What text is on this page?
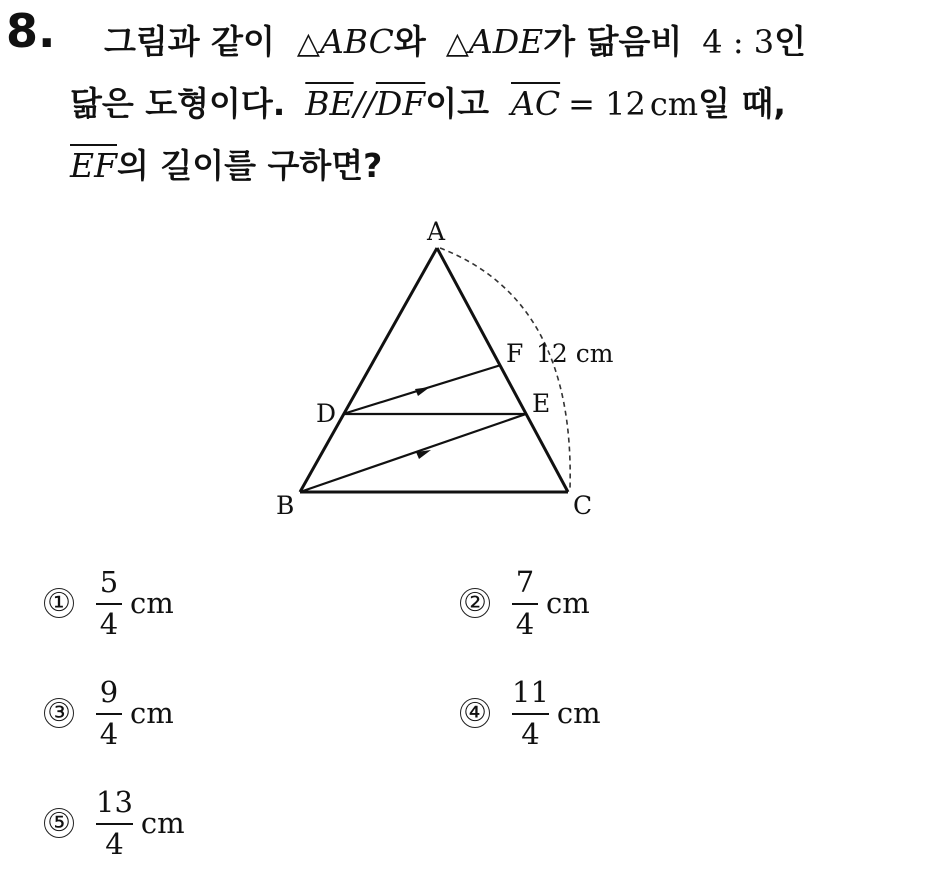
8. 그림과 같이 △ ABC 와 △ ADE 가 닮음비 4 : 3 인
닮은 도형이다. $\overline{BE} // \overline{DF}$ 이고 $\overline{AC} = 12$ cm 일 때,
$\overline{EF}$ 의 길이를 구하면?
A
B	C
D	E
F 12 cm
① $\frac{5}{4}$ cm	② $\frac{7}{4}$ cm
③ $\frac{9}{4}$ cm	④ $\frac{11}{4}$ cm
⑤ $\frac{13}{4}$ cm
